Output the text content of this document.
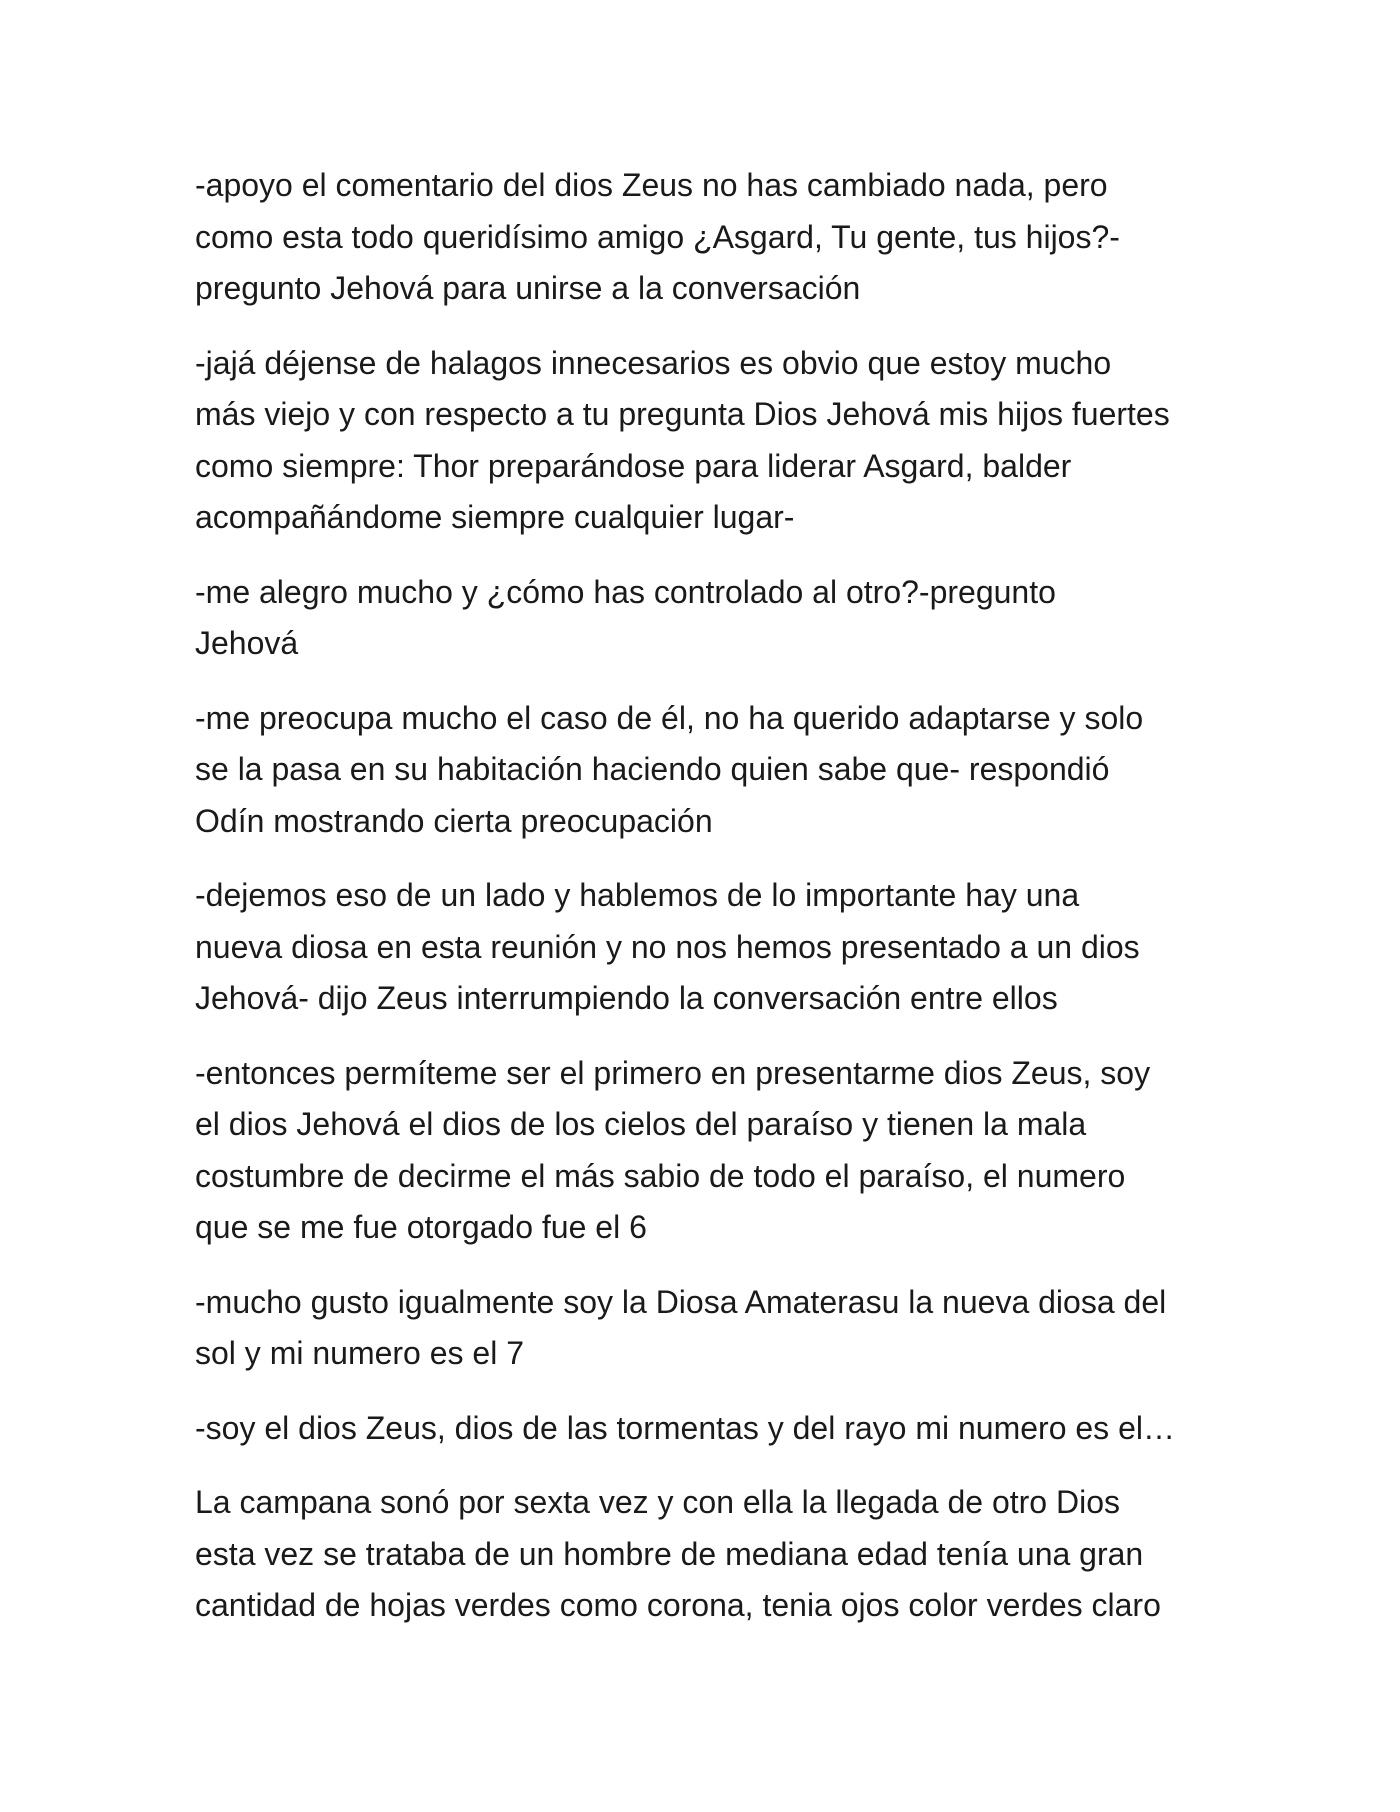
-apoyo el comentario del dios Zeus no has cambiado nada, pero
como esta todo queridísimo amigo ¿Asgard, Tu gente, tus hijos?-
pregunto Jehová para unirse a la conversación

-jajá déjense de halagos innecesarios es obvio que estoy mucho
más viejo y con respecto a tu pregunta Dios Jehová mis hijos fuertes
como siempre: Thor preparándose para liderar Asgard, balder
acompañándome siempre cualquier lugar-

-me alegro mucho y ¿cómo has controlado al otro?-pregunto
Jehová

-me preocupa mucho el caso de él, no ha querido adaptarse y solo
se la pasa en su habitación haciendo quien sabe que- respondió
Odín mostrando cierta preocupación

-dejemos eso de un lado y hablemos de lo importante hay una
nueva diosa en esta reunión y no nos hemos presentado a un dios
Jehová- dijo Zeus interrumpiendo la conversación entre ellos

-entonces permíteme ser el primero en presentarme dios Zeus, soy
el dios Jehová el dios de los cielos del paraíso y tienen la mala
costumbre de decirme el más sabio de todo el paraíso, el numero
que se me fue otorgado fue el 6

-mucho gusto igualmente soy la Diosa Amaterasu la nueva diosa del
sol y mi numero es el 7

-soy el dios Zeus, dios de las tormentas y del rayo mi numero es el…

La campana sonó por sexta vez y con ella la llegada de otro Dios
esta vez se trataba de un hombre de mediana edad tenía una gran
cantidad de hojas verdes como corona, tenia ojos color verdes claro
